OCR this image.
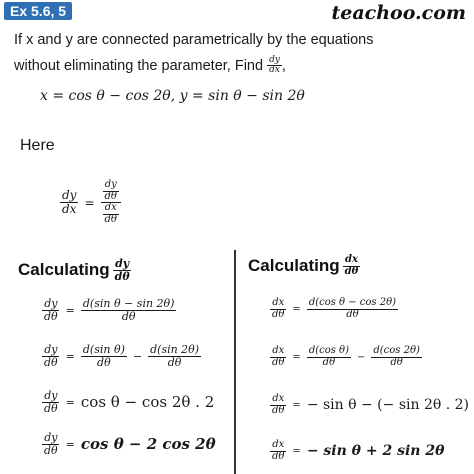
Ex 5.6, 5	teachoo.com
If x and y are connected parametrically by the equations
without eliminating the parameter, Find $\frac{dy}{dx}$ ,
x = cos θ − cos 2θ, y = sin θ − sin 2θ
Here
$\frac{dy}{dx} = \frac{\frac{dy}{d\theta}}{\frac{dx}{d\theta}}$
Calculating $\frac{dy}{d\theta}$	Calculating $\frac{dx}{d\theta}$
$\frac{dy}{d\theta} = \frac{\text{d(sin θ − sin 2θ)}}{d\theta}$
$\frac{dy}{d\theta} = \frac{\text{d(sin θ)}}{d\theta} - \frac{d(\sin 2\theta)}{d\theta}$
$\frac{dy}{d\theta} = \cos \theta - \cos 2\theta$ . 2
$\frac{dy}{d\theta} = \cos \theta - 2$ cos 2θ
$\frac{dx}{d\theta} = \frac{\text{d(cos θ − cos 2θ)}}{d\theta}$
$\frac{dx}{d\theta} = \frac{\text{d(cos θ)}}{d\theta} - \frac{d(\cos 2\theta)}{d\theta}$
$\frac{dx}{d\theta}$ = − sin θ − (− sin 2θ . 2)
$\frac{dx}{d\theta}$ = − sin θ + 2 sin 2θ
